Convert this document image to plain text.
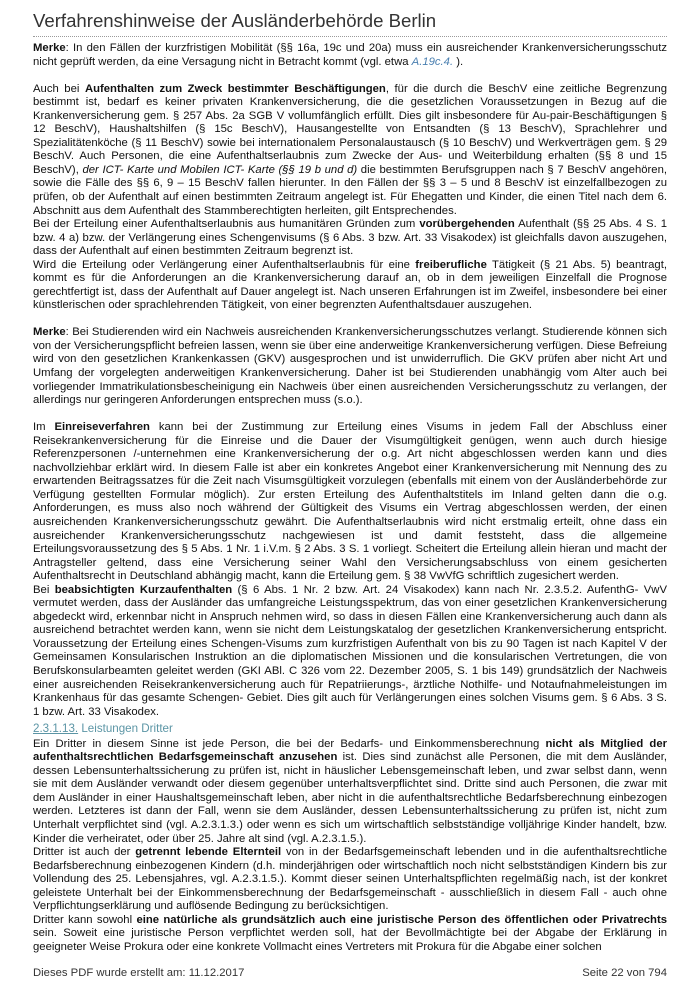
Verfahrenshinweise der Ausländerbehörde Berlin

Merke: In den Fällen der kurzfristigen Mobilität (§§ 16a, 19c und 20a) muss ein ausreichender Krankenversicherungsschutz nicht geprüft werden, da eine Versagung nicht in Betracht kommt (vgl. etwa A.19c.4. ).

Auch bei Aufenthalten zum Zweck bestimmter Beschäftigungen, für die durch die BeschV eine zeitliche Begrenzung bestimmt ist, bedarf es keiner privaten Krankenversicherung, die die gesetzlichen Voraussetzungen in Bezug auf die Krankenversicherung gem. § 257 Abs. 2a SGB V vollumfänglich erfüllt. Dies gilt insbesondere für Au-pair-Beschäftigungen § 12 BeschV), Haushaltshilfen (§ 15c BeschV), Hausangestellte von Entsandten (§ 13 BeschV), Sprachlehrer und Spezialitätenköche (§ 11 BeschV) sowie bei internationalem Personalaustausch (§ 10 BeschV) und Werkverträgen gem. § 29 BeschV. Auch Personen, die eine Aufenthaltserlaubnis zum Zwecke der Aus- und Weiterbildung erhalten (§§ 8 und 15 BeschV), der ICT- Karte und Mobilen ICT- Karte (§§ 19 b und d) die bestimmten Berufsgruppen nach § 7 BeschV angehören, sowie die Fälle des §§ 6, 9 – 15 BeschV fallen hierunter. In den Fällen der §§ 3 – 5 und 8 BeschV ist einzelfallbezogen zu prüfen, ob der Aufenthalt auf einen bestimmten Zeitraum angelegt ist. Für Ehegatten und Kinder, die einen Titel nach dem 6. Abschnitt aus dem Aufenthalt des Stammberechtigten herleiten, gilt Entsprechendes.

Bei der Erteilung einer Aufenthaltserlaubnis aus humanitären Gründen zum vorübergehenden Aufenthalt (§§ 25 Abs. 4 S. 1 bzw. 4 a) bzw. der Verlängerung eines Schengenvisums (§ 6 Abs. 3 bzw. Art. 33 Visakodex) ist gleichfalls davon auszugehen, dass der Aufenthalt auf einen bestimmten Zeitraum begrenzt ist.

Wird die Erteilung oder Verlängerung einer Aufenthaltserlaubnis für eine freiberufliche Tätigkeit (§ 21 Abs. 5) beantragt, kommt es für die Anforderungen an die Krankenversicherung darauf an, ob in dem jeweiligen Einzelfall die Prognose gerechtfertigt ist, dass der Aufenthalt auf Dauer angelegt ist. Nach unseren Erfahrungen ist im Zweifel, insbesondere bei einer künstlerischen oder sprachlehrenden Tätigkeit, von einer begrenzten Aufenthaltsdauer auszugehen.

Merke: Bei Studierenden wird ein Nachweis ausreichenden Krankenversicherungsschutzes verlangt. Studierende können sich von der Versicherungspflicht befreien lassen, wenn sie über eine anderweitige Krankenversicherung verfügen. Diese Befreiung wird von den gesetzlichen Krankenkassen (GKV) ausgesprochen und ist unwiderruflich. Die GKV prüfen aber nicht Art und Umfang der vorgelegten anderweitigen Krankenversicherung. Daher ist bei Studierenden unabhängig vom Alter auch bei vorliegender Immatrikulationsbescheinigung ein Nachweis über einen ausreichenden Versicherungsschutz zu verlangen, der allerdings nur geringeren Anforderungen entsprechen muss (s.o.).

Im Einreiseverfahren kann bei der Zustimmung zur Erteilung eines Visums in jedem Fall der Abschluss einer Reisekrankenversicherung für die Einreise und die Dauer der Visumgültigkeit genügen, wenn auch durch hiesige Referenzpersonen /-unternehmen eine Krankenversicherung der o.g. Art nicht abgeschlossen werden kann und dies nachvollziehbar erklärt wird. In diesem Falle ist aber ein konkretes Angebot einer Krankenversicherung mit Nennung des zu erwartenden Beitragssatzes für die Zeit nach Visumsgültigkeit vorzulegen (ebenfalls mit einem von der Ausländerbehörde zur Verfügung gestellten Formular möglich). Zur ersten Erteilung des Aufenthaltstitels im Inland gelten dann die o.g. Anforderungen, es muss also noch während der Gültigkeit des Visums ein Vertrag abgeschlossen werden, der einen ausreichenden Krankenversicherungsschutz gewährt. Die Aufenthaltserlaubnis wird nicht erstmalig erteilt, ohne dass ein ausreichender Krankenversicherungsschutz nachgewiesen ist und damit feststeht, dass die allgemeine Erteilungsvoraussetzung des § 5 Abs. 1 Nr. 1 i.V.m. § 2 Abs. 3 S. 1 vorliegt. Scheitert die Erteilung allein hieran und macht der Antragsteller geltend, dass eine Versicherung seiner Wahl den Versicherungsabschluss von einem gesicherten Aufenthaltsrecht in Deutschland abhängig macht, kann die Erteilung gem. § 38 VwVfG schriftlich zugesichert werden.

Bei beabsichtigten Kurzaufenthalten (§ 6 Abs. 1 Nr. 2 bzw. Art. 24 Visakodex) kann nach Nr. 2.3.5.2. AufenthG- VwV vermutet werden, dass der Ausländer das umfangreiche Leistungsspektrum, das von einer gesetzlichen Krankenversicherung abgedeckt wird, erkennbar nicht in Anspruch nehmen wird, so dass in diesen Fällen eine Krankenversicherung auch dann als ausreichend betrachtet werden kann, wenn sie nicht dem Leistungskatalog der gesetzlichen Krankenversicherung entspricht. Voraussetzung der Erteilung eines Schengen-Visums zum kurzfristigen Aufenthalt von bis zu 90 Tagen ist nach Kapitel V der Gemeinsamen Konsularischen Instruktion an die diplomatischen Missionen und die konsularischen Vertretungen, die von Berufskonsularbeamten geleitet werden (GKI ABl. C 326 vom 22. Dezember 2005, S. 1 bis 149) grundsätzlich der Nachweis einer ausreichenden Reisekrankenversicherung auch für Repatriierungs-, ärztliche Nothilfe- und Notaufnahmeleistungen im Krankenhaus für das gesamte Schengen- Gebiet. Dies gilt auch für Verlängerungen eines solchen Visums gem. § 6 Abs. 3 S. 1 bzw. Art. 33 Visakodex.

2.3.1.13. Leistungen Dritter

Ein Dritter in diesem Sinne ist jede Person, die bei der Bedarfs- und Einkommensberechnung nicht als Mitglied der aufenthaltsrechtlichen Bedarfsgemeinschaft anzusehen ist. Dies sind zunächst alle Personen, die mit dem Ausländer, dessen Lebensunterhaltssicherung zu prüfen ist, nicht in häuslicher Lebensgemeinschaft leben, und zwar selbst dann, wenn sie mit dem Ausländer verwandt oder diesem gegenüber unterhaltsverpflichtet sind. Dritte sind auch Personen, die zwar mit dem Ausländer in einer Haushaltsgemeinschaft leben, aber nicht in die aufenthaltsrechtliche Bedarfsberechnung einbezogen werden. Letzteres ist dann der Fall, wenn sie dem Ausländer, dessen Lebensunterhaltssicherung zu prüfen ist, nicht zum Unterhalt verpflichtet sind (vgl. A.2.3.1.3.) oder wenn es sich um wirtschaftlich selbstständige volljährige Kinder handelt, bzw. Kinder die verheiratet, oder über 25. Jahre alt sind (vgl. A.2.3.1.5.).

Dritter ist auch der getrennt lebende Elternteil von in der Bedarfsgemeinschaft lebenden und in die aufenthaltsrechtliche Bedarfsberechnung einbezogenen Kindern (d.h. minderjährigen oder wirtschaftlich noch nicht selbstständigen Kindern bis zur Vollendung des 25. Lebensjahres, vgl. A.2.3.1.5.). Kommt dieser seinen Unterhaltspflichten regelmäßig nach, ist der konkret geleistete Unterhalt bei der Einkommensberechnung der Bedarfsgemeinschaft - ausschließlich in diesem Fall - auch ohne Verpflichtungserklärung und auflösende Bedingung zu berücksichtigen.

Dritter kann sowohl eine natürliche als grundsätzlich auch eine juristische Person des öffentlichen oder Privatrechts sein. Soweit eine juristische Person verpflichtet werden soll, hat der Bevollmächtigte bei der Abgabe der Erklärung in geeigneter Weise Prokura oder eine konkrete Vollmacht eines Vertreters mit Prokura für die Abgabe einer solchen

Dieses PDF wurde erstellt am: 11.12.2017	Seite 22 von 794
